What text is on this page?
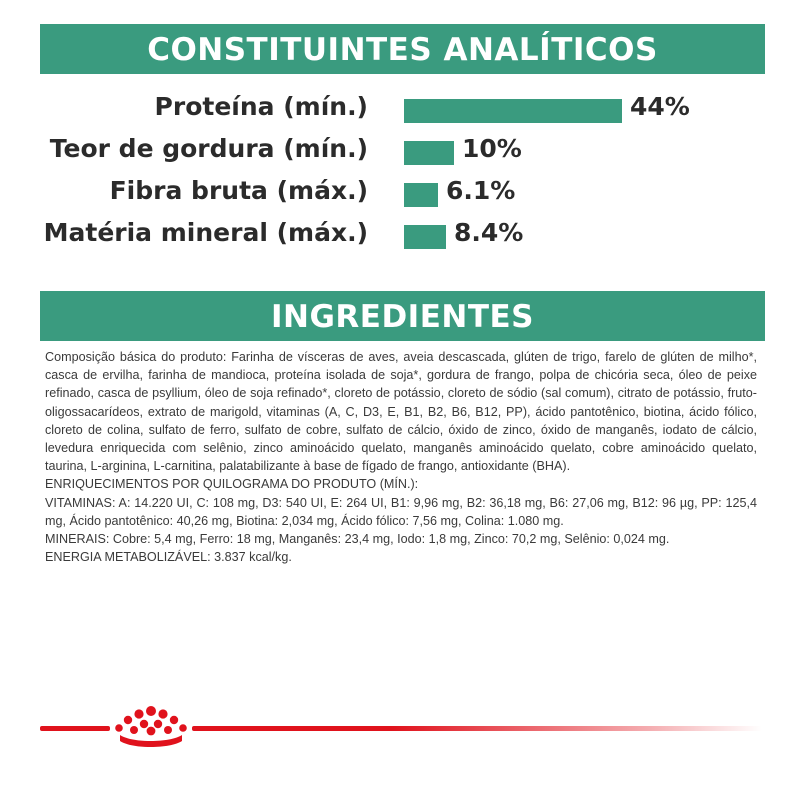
CONSTITUINTES ANALÍTICOS
Proteína (mín.)	44%
Teor de gordura (mín.)	10%
Fibra bruta (máx.)	6.1%
Matéria mineral (máx.)	8.4%
INGREDIENTES

Composição básica do produto: Farinha de vísceras de aves, aveia descascada, glúten de trigo, farelo de glúten de milho*, casca de ervilha, farinha de mandioca, proteína isolada de soja*, gordura de frango, polpa de chicória seca, óleo de peixe refinado, casca de psyllium, óleo de soja refinado*, cloreto de potássio, cloreto de sódio (sal comum), citrato de potássio, fruto-oligossacarídeos, extrato de marigold, vitaminas (A, C, D3, E, B1, B2, B6, B12, PP), ácido pantotênico, biotina, ácido fólico, cloreto de colina, sulfato de ferro, sulfato de cobre, sulfato de cálcio, óxido de zinco, óxido de manganês, iodato de cálcio, levedura enriquecida com selênio, zinco aminoácido quelato, manganês aminoácido quelato, cobre aminoácido quelato, taurina, L-arginina, L-carnitina, palatabilizante à base de fígado de frango, antioxidante (BHA).

ENRIQUECIMENTOS POR QUILOGRAMA DO PRODUTO (MÍN.):

VITAMINAS: A: 14.220 UI, C: 108 mg, D3: 540 UI, E: 264 UI, B1: 9,96 mg, B2: 36,18 mg, B6: 27,06 mg, B12: 96 µg, PP: 125,4 mg, Ácido pantotênico: 40,26 mg, Biotina: 2,034 mg, Ácido fólico: 7,56 mg, Colina: 1.080 mg.

MINERAIS: Cobre: 5,4 mg, Ferro: 18 mg, Manganês: 23,4 mg, Iodo: 1,8 mg, Zinco: 70,2 mg, Selênio: 0,024 mg.

ENERGIA METABOLIZÁVEL: 3.837 kcal/kg.
